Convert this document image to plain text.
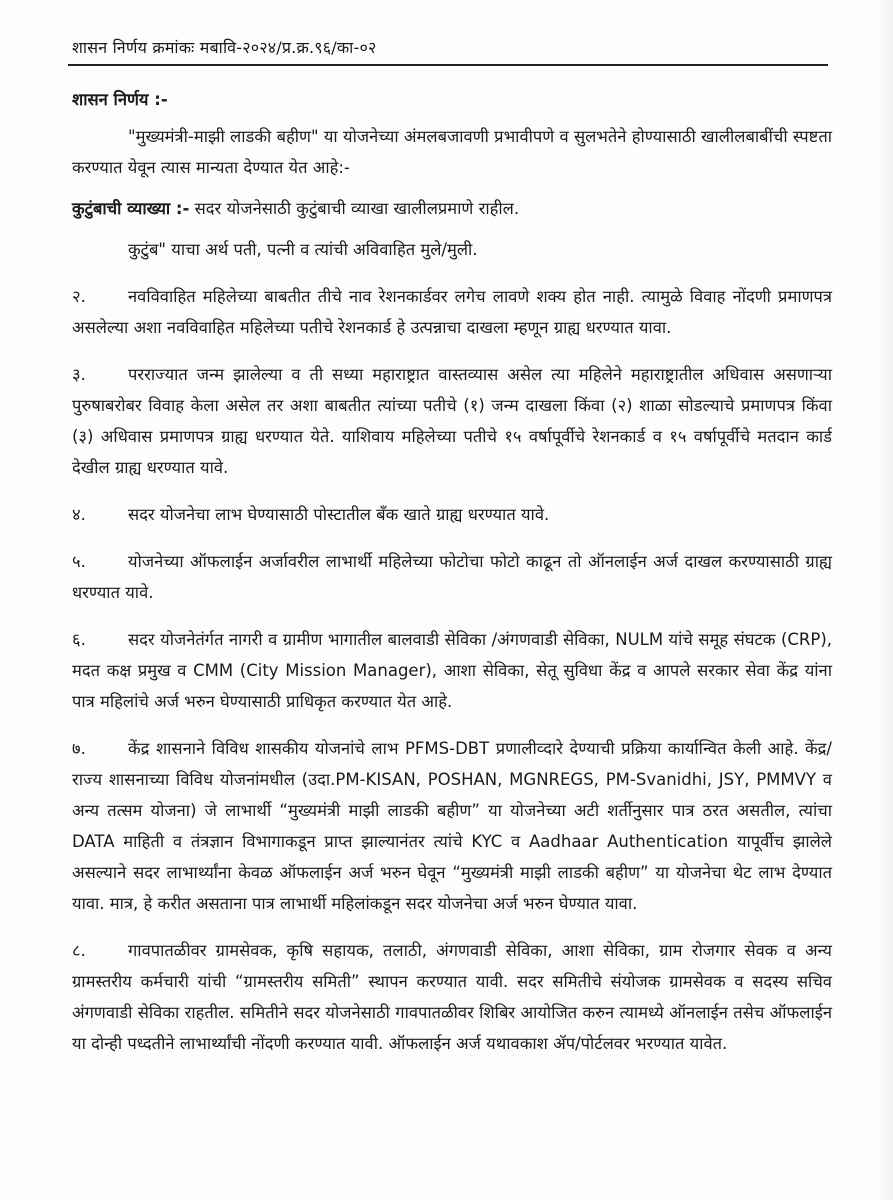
शासन निर्णय क्रमांकः मबावि-२०२४/प्र.क्र.९६/का-०२
शासन निर्णय :-

"मुख्यमंत्री-माझी लाडकी बहीण" या योजनेच्या अंमलबजावणी प्रभावीपणे व सुलभतेने होण्यासाठी खालीलबाबींची स्पष्टता करण्यात येवून त्यास मान्यता देण्यात येत आहे:-

कुटुंबाची व्याख्या :- सदर योजनेसाठी कुटुंबाची व्याखा खालीलप्रमाणे राहील.

कुटुंब" याचा अर्थ पती, पत्नी व त्यांची अविवाहित मुले/मुली.

२.	नवविवाहित महिलेच्या बाबतीत तीचे नाव रेशनकार्डवर लगेच लावणे शक्य होत नाही. त्यामुळे विवाह नोंदणी प्रमाणपत्र असलेल्या अशा नवविवाहित महिलेच्या पतीचे रेशनकार्ड हे उत्पन्नाचा दाखला म्हणून ग्राह्य धरण्यात यावा.

३.	परराज्यात जन्म झालेल्या व ती सध्या महाराष्ट्रात वास्तव्यास असेल त्या महिलेने महाराष्ट्रातील अधिवास असणाऱ्या पुरुषाबरोबर विवाह केला असेल तर अशा बाबतीत त्यांच्या पतीचे (१) जन्म दाखला किंवा (२) शाळा सोडल्याचे प्रमाणपत्र किंवा (३) अधिवास प्रमाणपत्र ग्राह्य धरण्यात येते. याशिवाय महिलेच्या पतीचे १५ वर्षापूर्वीचे रेशनकार्ड व १५ वर्षापूर्वीचे मतदान कार्ड देखील ग्राह्य धरण्यात यावे.

४.	सदर योजनेचा लाभ घेण्यासाठी पोस्टातील बँक खाते ग्राह्य धरण्यात यावे.

५.	योजनेच्या ऑफलाईन अर्जावरील लाभार्थी महिलेच्या फोटोचा फोटो काढून तो ऑनलाईन अर्ज दाखल करण्यासाठी ग्राह्य धरण्यात यावे.

६.	सदर योजनेतंर्गत नागरी व ग्रामीण भागातील बालवाडी सेविका /अंगणवाडी सेविका, NULM यांचे समूह संघटक (CRP), मदत कक्ष प्रमुख व CMM (City Mission Manager), आशा सेविका, सेतू सुविधा केंद्र व आपले सरकार सेवा केंद्र यांना पात्र महिलांचे अर्ज भरुन घेण्यासाठी प्राधिकृत करण्यात येत आहे.

७.	केंद्र शासनाने विविध शासकीय योजनांचे लाभ PFMS-DBT प्रणालीव्दारे देण्याची प्रक्रिया कार्यान्वित केली आहे. केंद्र/राज्य शासनाच्या विविध योजनांमधील (उदा.PM-KISAN, POSHAN, MGNREGS, PM-Svanidhi, JSY, PMMVY व अन्य तत्सम योजना) जे लाभार्थी “मुख्यमंत्री माझी लाडकी बहीण” या योजनेच्या अटी शर्तीनुसार पात्र ठरत असतील, त्यांचा DATA माहिती व तंत्रज्ञान विभागाकडून प्राप्त झाल्यानंतर त्यांचे KYC व Aadhaar Authentication यापूर्वीच झालेले असल्याने सदर लाभार्थ्यांना केवळ ऑफलाईन अर्ज भरुन घेवून “मुख्यमंत्री माझी लाडकी बहीण” या योजनेचा थेट लाभ देण्यात यावा. मात्र, हे करीत असताना पात्र लाभार्थी महिलांकडून सदर योजनेचा अर्ज भरुन घेण्यात यावा.

८.	गावपातळीवर ग्रामसेवक, कृषि सहायक, तलाठी, अंगणवाडी सेविका, आशा सेविका, ग्राम रोजगार सेवक व अन्य ग्रामस्तरीय कर्मचारी यांची “ग्रामस्तरीय समिती” स्थापन करण्यात यावी. सदर समितीचे संयोजक ग्रामसेवक व सदस्य सचिव अंगणवाडी सेविका राहतील. समितीने सदर योजनेसाठी गावपातळीवर शिबिर आयोजित करुन त्यामध्ये ऑनलाईन तसेच ऑफलाईन या दोन्ही पध्दतीने लाभार्थ्यांची नोंदणी करण्यात यावी. ऑफलाईन अर्ज यथावकाश ॲप/पोर्टलवर भरण्यात यावेत.
